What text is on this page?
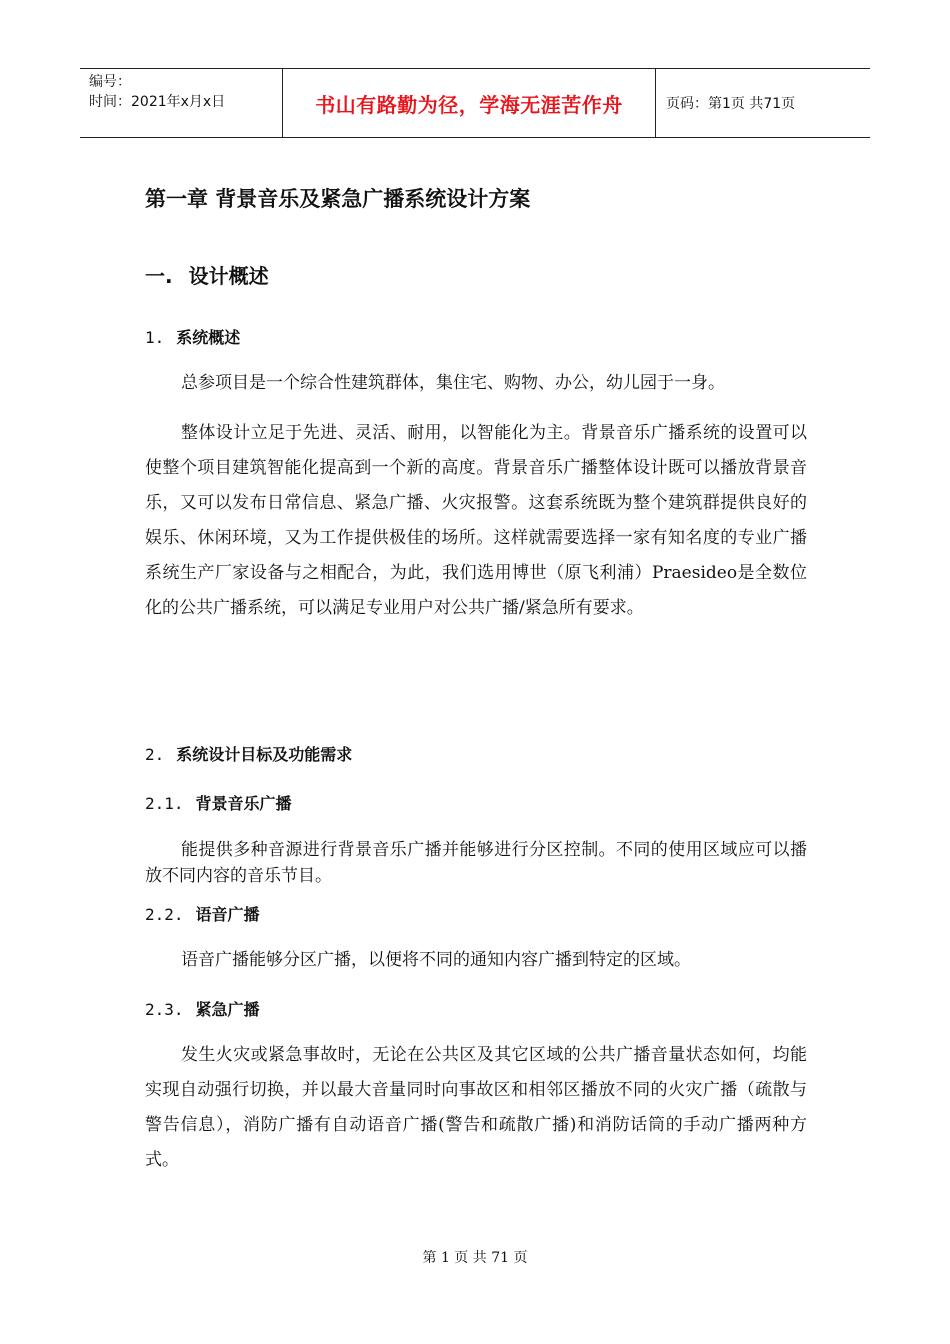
编号：
时间：2021年x月x日	书山有路勤为径，学海无涯苦作舟	页码：第1页 共71页
第一章 背景音乐及紧急广播系统设计方案
一. 设计概述
1. 系统概述
总参项目是一个综合性建筑群体，集住宅、购物、办公，幼儿园于一身。
整体设计立足于先进、灵活、耐用，以智能化为主。背景音乐广播系统的设置可以使整个项目建筑智能化提高到一个新的高度。背景音乐广播整体设计既可以播放背景音乐，又可以发布日常信息、紧急广播、火灾报警。这套系统既为整个建筑群提供良好的娱乐、休闲环境，又为工作提供极佳的场所。这样就需要选择一家有知名度的专业广播系统生产厂家设备与之相配合，为此，我们选用博世（原飞利浦）Praesideo是全数位化的公共广播系统，可以满足专业用户对公共广播/紧急所有要求。
2. 系统设计目标及功能需求
2.1. 背景音乐广播
能提供多种音源进行背景音乐广播并能够进行分区控制。不同的使用区域应可以播放不同内容的音乐节目。
2.2. 语音广播
语音广播能够分区广播，以便将不同的通知内容广播到特定的区域。
2.3. 紧急广播
发生火灾或紧急事故时，无论在公共区及其它区域的公共广播音量状态如何，均能实现自动强行切换，并以最大音量同时向事故区和相邻区播放不同的火灾广播（疏散与警告信息），消防广播有自动语音广播(警告和疏散广播)和消防话筒的手动广播两种方式。
第 1 页 共 71 页
